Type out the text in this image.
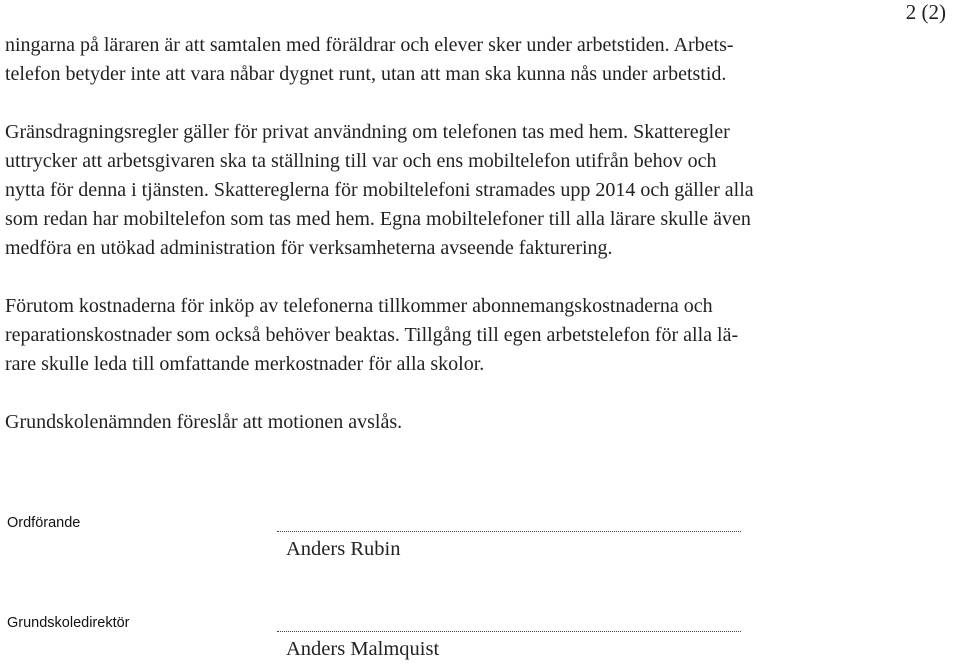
2 (2)
ningarna på läraren är att samtalen med föräldrar och elever sker under arbetstiden. Arbets-
telefon betyder inte att vara nåbar dygnet runt, utan att man ska kunna nås under arbetstid.
Gränsdragningsregler gäller för privat användning om telefonen tas med hem. Skatteregler
uttrycker att arbetsgivaren ska ta ställning till var och ens mobiltelefon utifrån behov och
nytta för denna i tjänsten. Skattereglerna för mobiltelefoni stramades upp 2014 och gäller alla
som redan har mobiltelefon som tas med hem. Egna mobiltelefoner till alla lärare skulle även
medföra en utökad administration för verksamheterna avseende fakturering.
Förutom kostnaderna för inköp av telefonerna tillkommer abonnemangskostnaderna och
reparationskostnader som också behöver beaktas. Tillgång till egen arbetstelefon för alla lä-
rare skulle leda till omfattande merkostnader för alla skolor.
Grundskolenämnden föreslår att motionen avslås.
Ordförande
Anders Rubin
Grundskoledirektör
Anders Malmquist
